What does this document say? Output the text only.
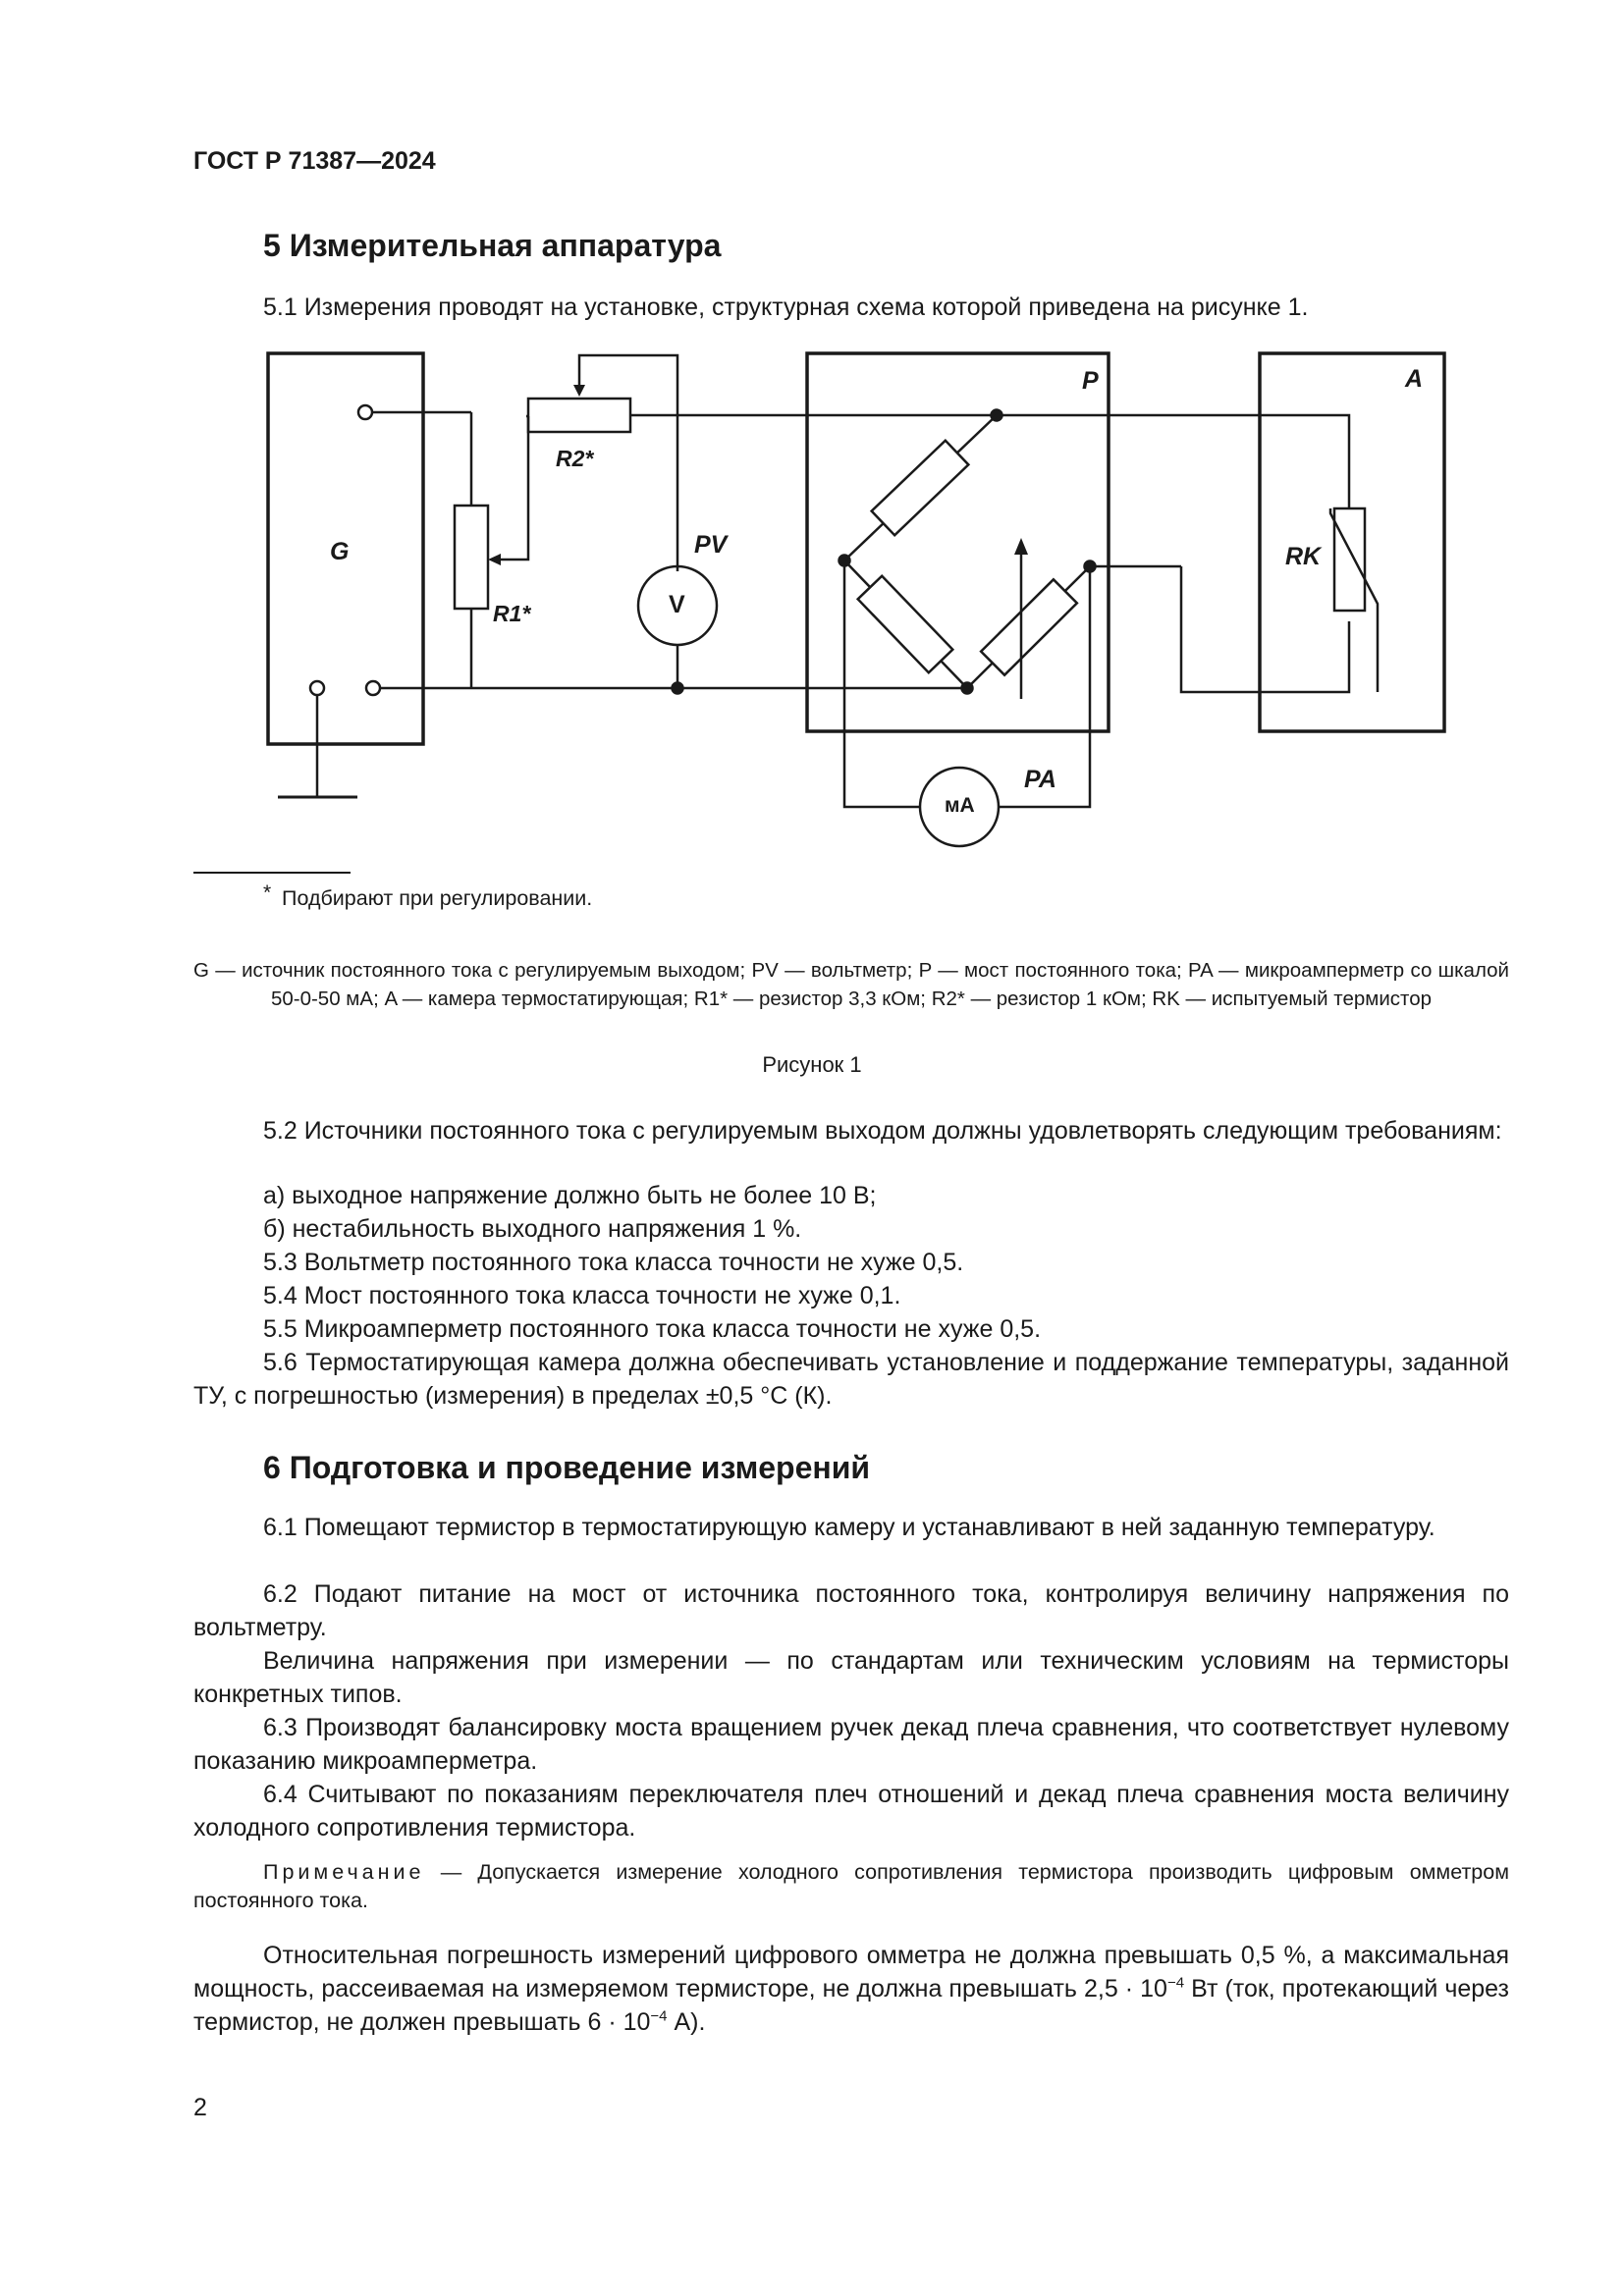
ГОСТ Р 71387—2024
5 Измерительная аппаратура
5.1 Измерения проводят на установке, структурная схема которой приведена на рисунке 1.
G
R2*
R1*
PV
V
P	A
RK
мА
PA
* Подбирают при регулировании.
G — источник постоянного тока с регулируемым выходом; PV — вольтметр; P — мост постоянного тока; PA — микроамперметр со шкалой 50-0-50 мА; A — камера термостатирующая; R1* — резистор 3,3 кОм; R2* — резистор 1 кОм; RK — испытуемый термистор
Рисунок 1
5.2 Источники постоянного тока с регулируемым выходом должны удовлетворять следующим требованиям:
а) выходное напряжение должно быть не более 10 В;
б) нестабильность выходного напряжения 1 %.
5.3 Вольтметр постоянного тока класса точности не хуже 0,5.
5.4 Мост постоянного тока класса точности не хуже 0,1.
5.5 Микроамперметр постоянного тока класса точности не хуже 0,5.
5.6 Термостатирующая камера должна обеспечивать установление и поддержание температуры, заданной ТУ, с погрешностью (измерения) в пределах ±0,5 °С (К).
6 Подготовка и проведение измерений
6.1 Помещают термистор в термостатирующую камеру и устанавливают в ней заданную температуру.
6.2 Подают питание на мост от источника постоянного тока, контролируя величину напряжения по вольтметру.
Величина напряжения при измерении — по стандартам или техническим условиям на термисторы конкретных типов.
6.3 Производят балансировку моста вращением ручек декад плеча сравнения, что соответствует нулевому показанию микроамперметра.
6.4 Считывают по показаниям переключателя плеч отношений и декад плеча сравнения моста величину холодного сопротивления термистора.
Примечание — Допускается измерение холодного сопротивления термистора производить цифровым омметром постоянного тока.
Относительная погрешность измерений цифрового омметра не должна превышать 0,5 %, а максимальная мощность, рассеиваемая на измеряемом термисторе, не должна превышать $2,5 \cdot 10^{-4}$ Вт (ток, протекающий через термистор, не должен превышать $6 \cdot 10^{-4}$ А).
2
